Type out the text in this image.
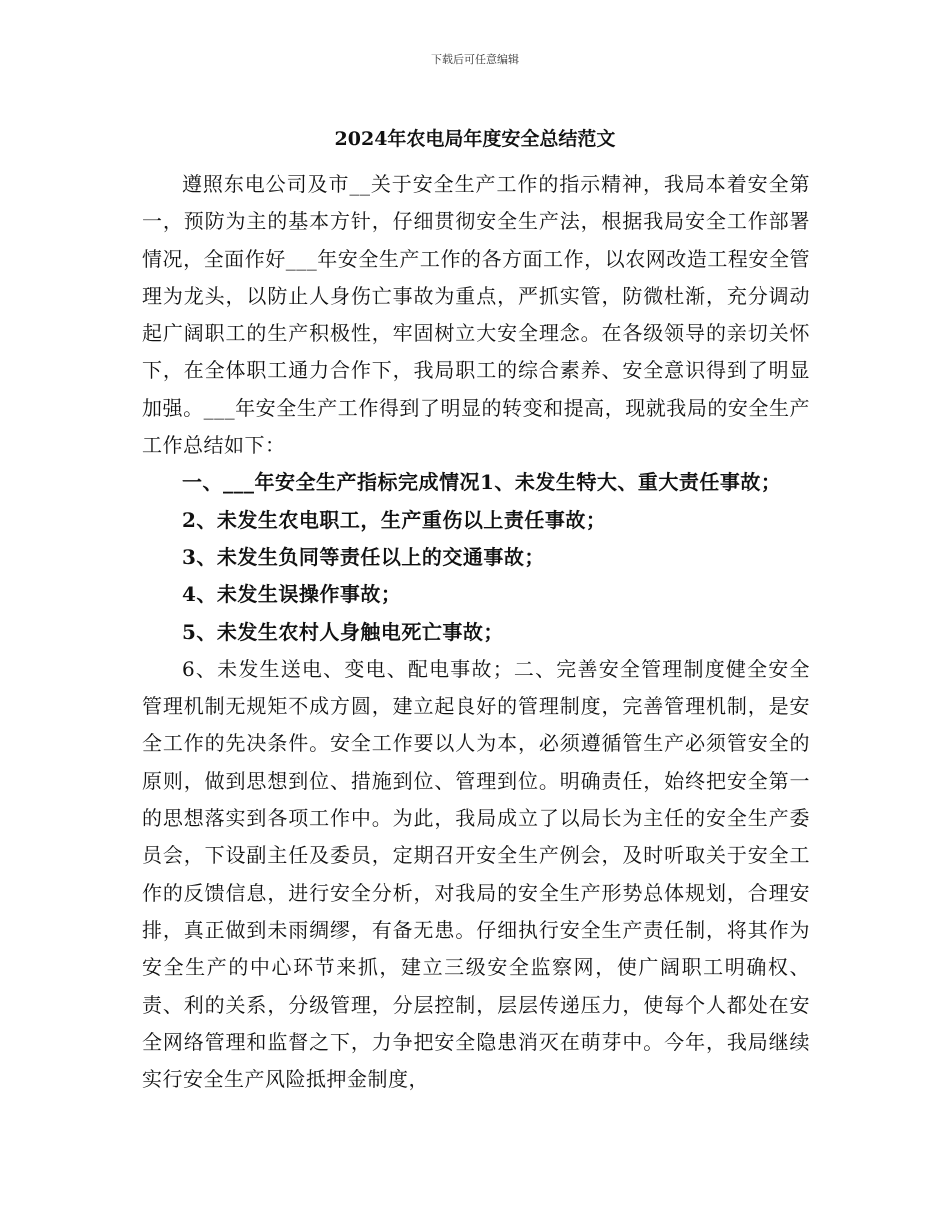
下载后可任意编辑
2024年农电局年度安全总结范文

遵照东电公司及市__关于安全生产工作的指示精神，我局本着安全第一，预防为主的基本方针，仔细贯彻安全生产法，根据我局安全工作部署情况，全面作好___年安全生产工作的各方面工作，以农网改造工程安全管理为龙头，以防止人身伤亡事故为重点，严抓实管，防微杜渐，充分调动起广阔职工的生产积极性，牢固树立大安全理念。在各级领导的亲切关怀下，在全体职工通力合作下，我局职工的综合素养、安全意识得到了明显加强。___年安全生产工作得到了明显的转变和提高，现就我局的安全生产工作总结如下：

一、___年安全生产指标完成情况1、未发生特大、重大责任事故；

2、未发生农电职工，生产重伤以上责任事故；

3、未发生负同等责任以上的交通事故；

4、未发生误操作事故；

5、未发生农村人身触电死亡事故；

6、未发生送电、变电、配电事故；二、完善安全管理制度健全安全管理机制无规矩不成方圆，建立起良好的管理制度，完善管理机制，是安全工作的先决条件。安全工作要以人为本，必须遵循管生产必须管安全的原则，做到思想到位、措施到位、管理到位。明确责任，始终把安全第一的思想落实到各项工作中。为此，我局成立了以局长为主任的安全生产委员会，下设副主任及委员，定期召开安全生产例会，及时听取关于安全工作的反馈信息，进行安全分析，对我局的安全生产形势总体规划，合理安排，真正做到未雨绸缪，有备无患。仔细执行安全生产责任制，将其作为安全生产的中心环节来抓，建立三级安全监察网，使广阔职工明确权、责、利的关系，分级管理，分层控制，层层传递压力，使每个人都处在安全网络管理和监督之下，力争把安全隐患消灭在萌芽中。今年，我局继续实行安全生产风险抵押金制度，
